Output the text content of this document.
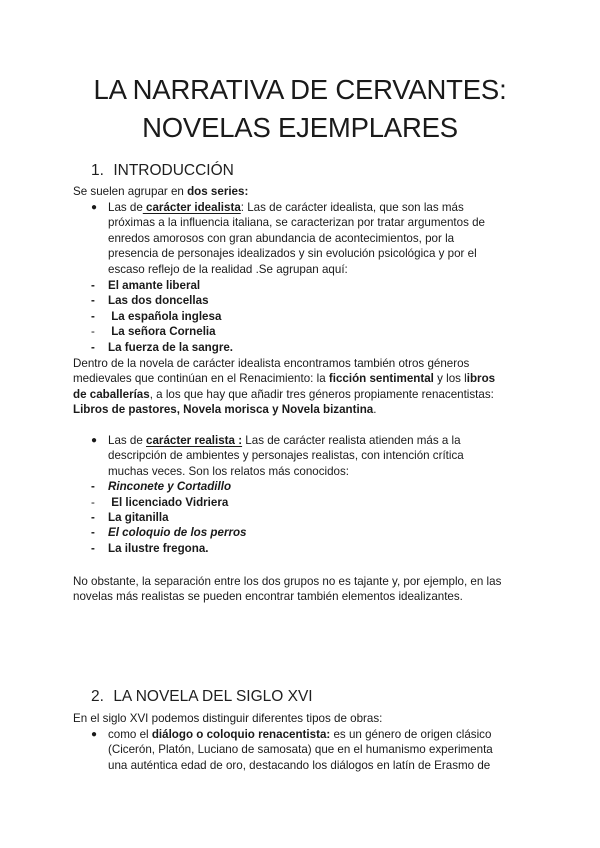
LA NARRATIVA DE CERVANTES:
NOVELAS EJEMPLARES
1. INTRODUCCIÓN

Se suelen agrupar en dos series:

● Las de carácter idealista: Las de carácter idealista, que son las más

próximas a la influencia italiana, se caracterizan por tratar argumentos de

enredos amorosos con gran abundancia de acontecimientos, por la

presencia de personajes idealizados y sin evolución psicológica y por el

escaso reflejo de la realidad .Se agrupan aquí:

- El amante liberal
- Las dos doncellas
- La española inglesa
- La señora Cornelia
- La fuerza de la sangre.

Dentro de la novela de carácter idealista encontramos también otros géneros

medievales que continúan en el Renacimiento: la ficción sentimental y los libros

de caballerías, a los que hay que añadir tres géneros propiamente renacentistas:

Libros de pastores, Novela morisca y Novela bizantina.

● Las de carácter realista : Las de carácter realista atienden más a la

descripción de ambientes y personajes realistas, con intención crítica

muchas veces. Son los relatos más conocidos:

- Rinconete y Cortadillo
- El licenciado Vidriera
- La gitanilla
- El coloquio de los perros
- La ilustre fregona.

No obstante, la separación entre los dos grupos no es tajante y, por ejemplo, en las

novelas más realistas se pueden encontrar también elementos idealizantes.

2. LA NOVELA DEL SIGLO XVI

En el siglo XVI podemos distinguir diferentes tipos de obras:

● como el diálogo o coloquio renacentista: es un género de origen clásico

(Cicerón, Platón, Luciano de samosata) que en el humanismo experimenta

una auténtica edad de oro, destacando los diálogos en latín de Erasmo de
